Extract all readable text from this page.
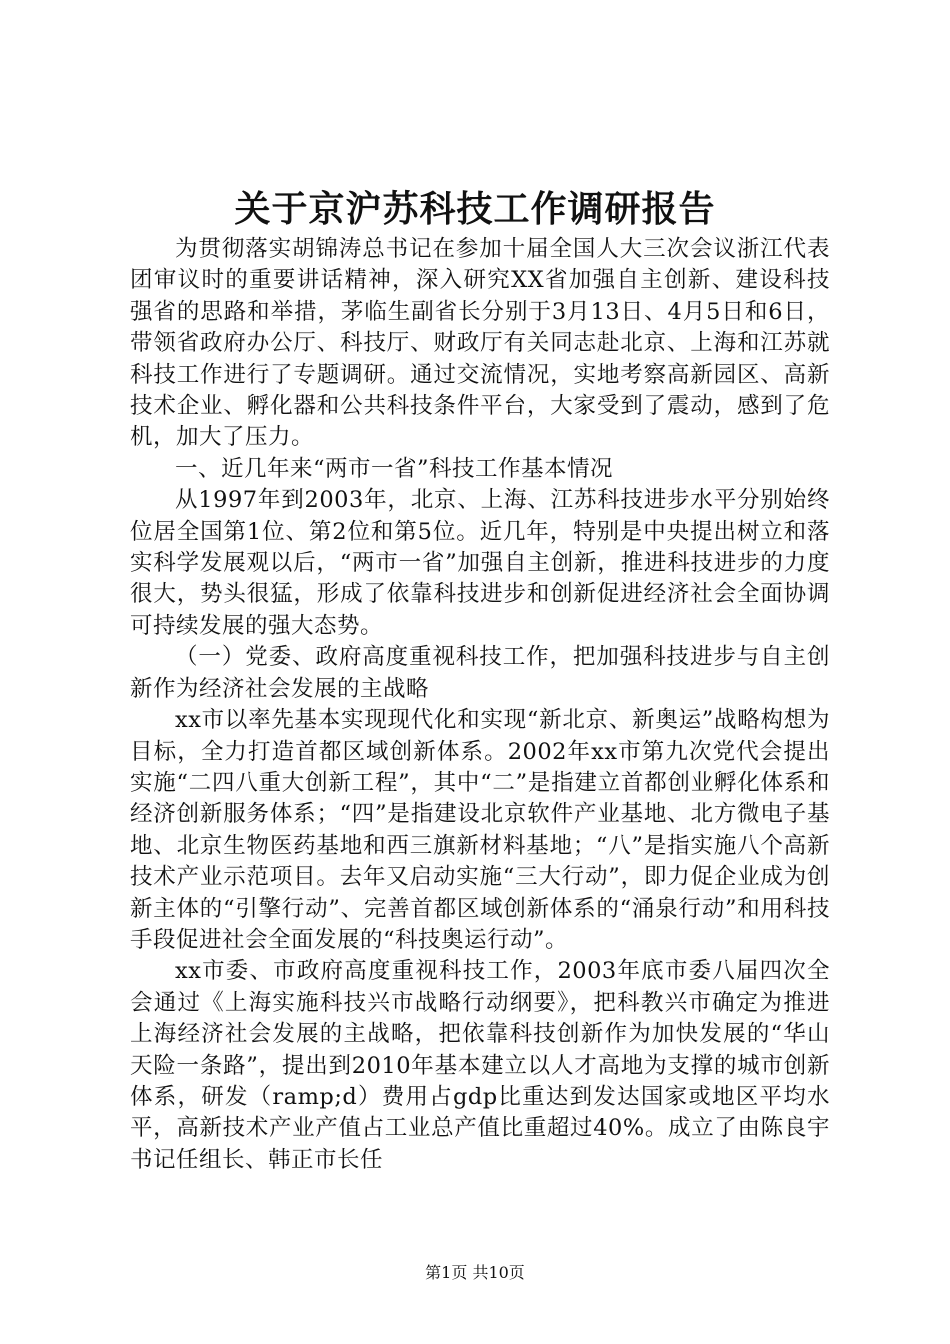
关于京沪苏科技工作调研报告

为贯彻落实胡锦涛总书记在参加十届全国人大三次会议浙江代表团审议时的重要讲话精神，深入研究XX省加强自主创新、建设科技强省的思路和举措，茅临生副省长分别于3月13日、4月5日和6日，带领省政府办公厅、科技厅、财政厅有关同志赴北京、上海和江苏就科技工作进行了专题调研。通过交流情况，实地考察高新园区、高新技术企业、孵化器和公共科技条件平台，大家受到了震动，感到了危机，加大了压力。

一、近几年来“两市一省”科技工作基本情况

从1997年到2003年，北京、上海、江苏科技进步水平分别始终位居全国第1位、第2位和第5位。近几年，特别是中央提出树立和落实科学发展观以后，“两市一省”加强自主创新，推进科技进步的力度很大，势头很猛，形成了依靠科技进步和创新促进经济社会全面协调可持续发展的强大态势。

（一）党委、政府高度重视科技工作，把加强科技进步与自主创新作为经济社会发展的主战略

xx市以率先基本实现现代化和实现“新北京、新奥运”战略构想为目标，全力打造首都区域创新体系。2002年xx市第九次党代会提出实施“二四八重大创新工程”，其中“二”是指建立首都创业孵化体系和经济创新服务体系；“四”是指建设北京软件产业基地、北方微电子基地、北京生物医药基地和西三旗新材料基地；“八”是指实施八个高新技术产业示范项目。去年又启动实施“三大行动”，即力促企业成为创新主体的“引擎行动”、完善首都区域创新体系的“涌泉行动”和用科技手段促进社会全面发展的“科技奥运行动”。

xx市委、市政府高度重视科技工作，2003年底市委八届四次全会通过《上海实施科技兴市战略行动纲要》，把科教兴市确定为推进上海经济社会发展的主战略，把依靠科技创新作为加快发展的“华山天险一条路”，提出到2010年基本建立以人才高地为支撑的城市创新体系，研发（ramp;d）费用占gdp比重达到发达国家或地区平均水平，高新技术产业产值占工业总产值比重超过40%。成立了由陈良宇书记任组长、韩正市长任

第1页 共10页
